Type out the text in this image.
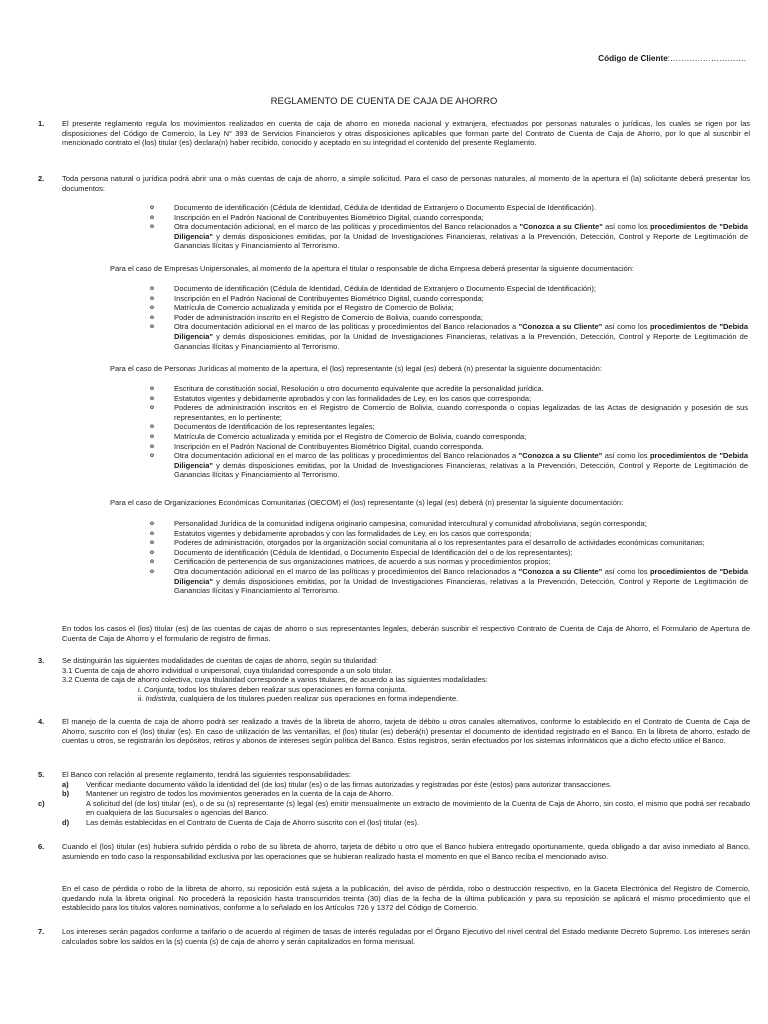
Código de Cliente:……………………….
REGLAMENTO DE CUENTA DE CAJA DE AHORRO
1. El presente reglamento regula los movimientos realizados en cuenta de caja de ahorro en moneda nacional y extranjera, efectuados por personas naturales o jurídicas, los cuales se rigen por las disposiciones del Código de Comercio, la Ley N° 393 de Servicios Financieros y otras disposiciones aplicables que forman parte del Contrato de Cuenta de Caja de Ahorro, por lo que al suscribir el mencionado contrato el (los) titular (es) declara(n) haber recibido, conocido y aceptado en su integridad el contenido del presente Reglamento.
2. Toda persona natural o jurídica podrá abrir una o más cuentas de caja de ahorro, a simple solicitud. Para el caso de personas naturales, al momento de la apertura el (la) solicitante deberá presentar los documentos:
o Documento de identificación (Cédula de Identidad, Cédula de Identidad de Extranjero o Documento Especial de Identificación).
o Inscripción en el Padrón Nacional de Contribuyentes Biométrico Digital, cuando corresponda;
o Otra documentación adicional, en el marco de las políticas y procedimientos del Banco relacionados a "Conozca a su Cliente" así como los procedimientos de "Debida Diligencia" y demás disposiciones emitidas, por la Unidad de Investigaciones Financieras, relativas a la Prevención, Detección, Control y Reporte de Legitimación de Ganancias Ilícitas y Financiamiento al Terrorismo.
Para el caso de Empresas Unipersonales, al momento de la apertura el titular o responsable de dicha Empresa deberá presentar la siguiente documentación:
o Documento de identificación (Cédula de Identidad, Cédula de Identidad de Extranjero o Documento Especial de Identificación);
o Inscripción en el Padrón Nacional de Contribuyentes Biométrico Digital, cuando corresponda;
o Matrícula de Comercio actualizada y emitida por el Registro de Comercio de Bolivia;
o Poder de administración inscrito en el Registro de Comercio de Bolivia, cuando corresponda;
o Otra documentación adicional en el marco de las políticas y procedimientos del Banco relacionados a "Conozca a su Cliente" así como los procedimientos de "Debida Diligencia" y demás disposiciones emitidas, por la Unidad de Investigaciones Financieras, relativas a la Prevención, Detección, Control y Reporte de Legitimación de Ganancias Ilícitas y Financiamiento al Terrorismo.
Para el caso de Personas Jurídicas al momento de la apertura, el (los) representante (s) legal (es) deberá (n) presentar la siguiente documentación:
o Escritura de constitución social, Resolución u otro documento equivalente que acredite la personalidad jurídica.
o Estatutos vigentes y debidamente aprobados y con las formalidades de Ley, en los casos que corresponda;
o Poderes de administración inscritos en el Registro de Comercio de Bolivia, cuando corresponda o copias legalizadas de las Actas de designación y posesión de sus representantes, en lo pertinente;
o Documentos de Identificación de los representantes legales;
o Matrícula de Comercio actualizada y emitida por el Registro de Comercio de Bolivia, cuando corresponda;
o Inscripción en el Padrón Nacional de Contribuyentes Biométrico Digital, cuando corresponda.
o Otra documentación adicional en el marco de las políticas y procedimientos del Banco relacionados a "Conozca a su Cliente" así como los procedimientos de "Debida Diligencia" y demás disposiciones emitidas, por la Unidad de Investigaciones Financieras, relativas a la Prevención, Detección, Control y Reporte de Legitimación de Ganancias Ilícitas y Financiamiento al Terrorismo.
Para el caso de Organizaciones Económicas Comunitarias (OECOM) el (los) representante (s) legal (es) deberá (n) presentar la siguiente documentación:
o Personalidad Jurídica de la comunidad indígena originario campesina, comunidad intercultural y comunidad afroboliviana, según corresponda;
o Estatutos vigentes y debidamente aprobados y con las formalidades de Ley, en los casos que corresponda;
o Poderes de administración, otorgados por la organización social comunitaria al o los representantes para el desarrollo de actividades económicas comunitarias;
o Documento de identificación (Cédula de Identidad, o Documento Especial de Identificación del o de los representantes);
o Certificación de pertenencia de sus organizaciones matrices, de acuerdo a sus normas y procedimientos propios;
o Otra documentación adicional en el marco de las políticas y procedimientos del Banco relacionados a "Conozca a su Cliente" así como los procedimientos de "Debida Diligencia" y demás disposiciones emitidas, por la Unidad de Investigaciones Financieras, relativas a la Prevención, Detección, Control y Reporte de Legitimación de Ganancias Ilícitas y Financiamiento al Terrorismo.
En todos los casos el (los) titular (es) de las cuentas de cajas de ahorro o sus representantes legales, deberán suscribir el respectivo Contrato de Cuenta de Caja de Ahorro, el Formulario de Apertura de Cuenta de Caja de Ahorro y el formulario de registro de firmas.
3. Se distinguirán las siguientes modalidades de cuentas de cajas de ahorro, según su titularidad:
3.1 Cuenta de caja de ahorro individual o unipersonal, cuya titularidad corresponde a un solo titular.
3.2 Cuenta de caja de ahorro colectiva, cuya titularidad corresponde a varios titulares, de acuerdo a las siguientes modalidades:
i. Conjunta, todos los titulares deben realizar sus operaciones en forma conjunta.
ii. Indistinta, cualquiera de los titulares pueden realizar sus operaciones en forma independiente.
4. El manejo de la cuenta de caja de ahorro podrá ser realizado a través de la libreta de ahorro, tarjeta de débito u otros canales alternativos, conforme lo establecido en el Contrato de Cuenta de Caja de Ahorro, suscrito con el (los) titular (es). En caso de utilización de las ventanillas, el (los) titular (es) deberá(n) presentar el documento de identidad registrado en el Banco. En la libreta de ahorro, estado de cuentas u otros, se registrarán los depósitos, retiros y abonos de intereses según política del Banco. Estos registros, serán efectuados por los sistemas informáticos que a dicho efecto utilice el Banco.
5. El Banco con relación al presente reglamento, tendrá las siguientes responsabilidades:
a) Verificar mediante documento válido la identidad del (de los) titular (es) o de las firmas autorizadas y registradas por éste (estos) para autorizar transacciones.
b) Mantener un registro de todos los movimientos generados en la cuenta de la caja de Ahorro.
c)	A solicitud del (de los) titular (es), o de su (s) representante (s) legal (es) emitir mensualmente un extracto de movimiento de la Cuenta de Caja de Ahorro, sin costo, el mismo que podrá ser recabado en cualquiera de las Sucursales o agencias del Banco.
d) Las demás establecidas en el Contrato de Cuenta de Caja de Ahorro suscrito con el (los) titular (es).
6. Cuando el (los) titular (es) hubiera sufrido pérdida o robo de su libreta de ahorro, tarjeta de débito u otro que el Banco hubiera entregado oportunamente, queda obligado a dar aviso inmediato al Banco, asumiendo en todo caso la responsabilidad exclusiva por las operaciones que se hubieran realizado hasta el momento en que el Banco reciba el mencionado aviso.
En el caso de pérdida o robo de la libreta de ahorro, su reposición está sujeta a la publicación, del aviso de pérdida, robo o destrucción respectivo, en la Gaceta Electrónica del Registro de Comercio, quedando nula la libreta original. No procederá la reposición hasta transcurridos treinta (30) días de la fecha de la última publicación y para su reposición se aplicará el mismo procedimiento que el establecido para los títulos valores nominativos, conforme a lo señalado en los Artículos 726 y 1372 del Código de Comercio.
7. Los intereses serán pagados conforme a tarifario o de acuerdo al régimen de tasas de interés reguladas por el Órgano Ejecutivo del nivel central del Estado mediante Decreto Supremo. Los intereses serán calculados sobre los saldos en la (s) cuenta (s) de caja de ahorro y serán capitalizados en forma mensual.
